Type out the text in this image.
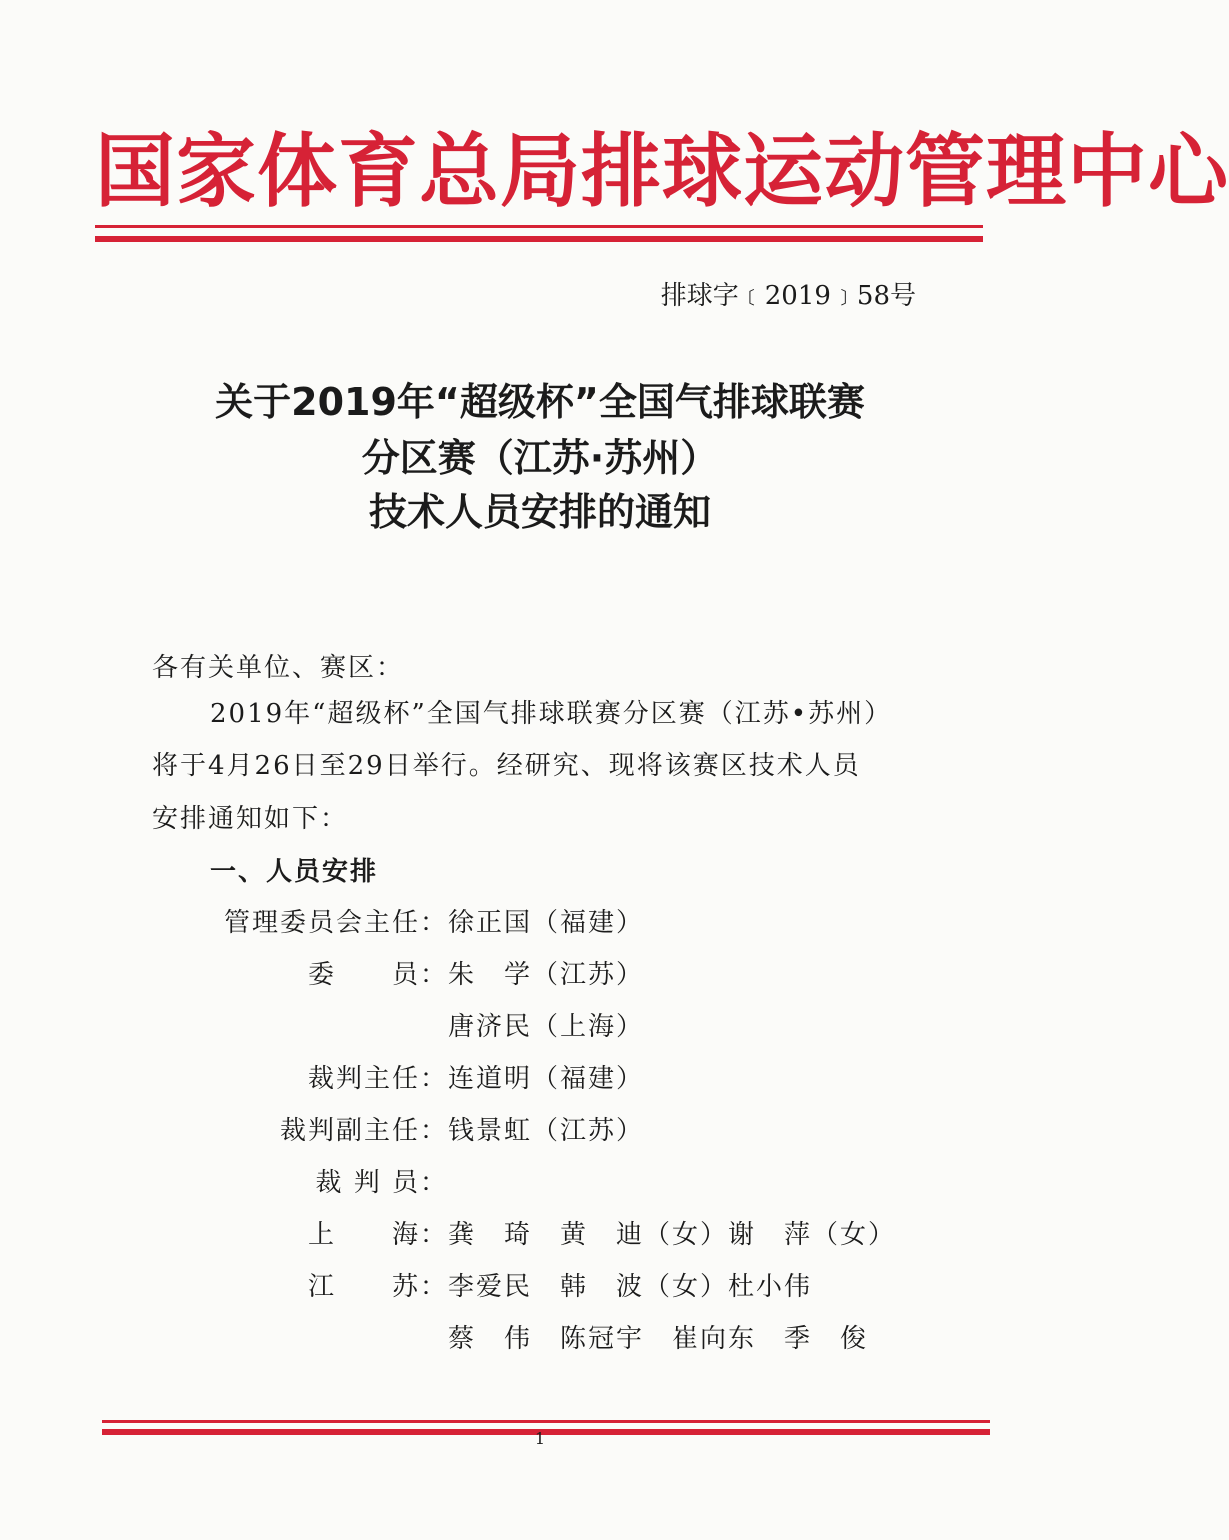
国家体育总局排球运动管理中心
排球字﹝2019﹞58号
关于2019年“超级杯”全国气排球联赛
分区赛（江苏·苏州）
技术人员安排的通知
各有关单位、赛区：
2019年“超级杯”全国气排球联赛分区赛（江苏•苏州）
将于4月26日至29日举行。经研究、现将该赛区技术人员
安排通知如下：
一、人员安排
管理委员会主任： 徐正国（福建）
委　　员： 朱　学（江苏）
唐济民（上海）
裁判主任： 连道明（福建）
裁判副主任： 钱景虹（江苏）
裁 判 员：
上　　海： 龚　琦　黄　迪（女）谢　萍（女）
江　　苏： 李爱民　韩　波（女）杜小伟
蔡　伟　陈冠宇　崔向东　季　俊
1
